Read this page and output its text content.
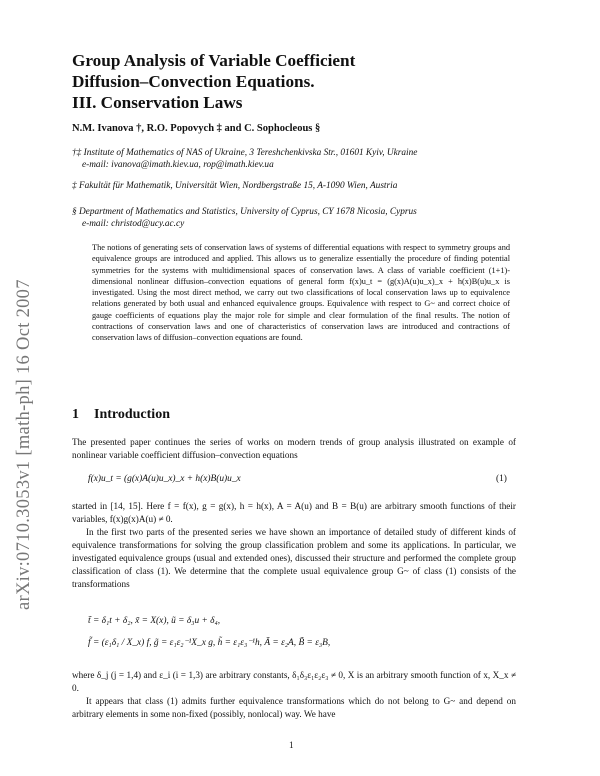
arXiv:0710.3053v1 [math-ph] 16 Oct 2007
Group Analysis of Variable Coefficient
Diffusion–Convection Equations.
III. Conservation Laws
N.M. Ivanova †, R.O. Popovych ‡ and C. Sophocleous §
†‡ Institute of Mathematics of NAS of Ukraine, 3 Tereshchenkivska Str., 01601 Kyiv, Ukraine
e-mail: ivanova@imath.kiev.ua, rop@imath.kiev.ua
‡ Fakultät für Mathematik, Universität Wien, Nordbergstraße 15, A-1090 Wien, Austria
§ Department of Mathematics and Statistics, University of Cyprus, CY 1678 Nicosia, Cyprus
e-mail: christod@ucy.ac.cy
The notions of generating sets of conservation laws of systems of differential equations with respect to symmetry groups and equivalence groups are introduced and applied. This allows us to generalize essentially the procedure of finding potential symmetries for the systems with multidimensional spaces of conservation laws. A class of variable coefficient (1+1)-dimensional nonlinear diffusion–convection equations of general form f(x)u_t = (g(x)A(u)u_x)_x + h(x)B(u)u_x is investigated. Using the most direct method, we carry out two classifications of local conservation laws up to equivalence relations generated by both usual and enhanced equivalence groups. Equivalence with respect to G~ and correct choice of gauge coefficients of equations play the major role for simple and clear formulation of the final results. The notion of contractions of conservation laws and one of characteristics of conservation laws are introduced and contractions of conservation laws of diffusion–convection equations are found.
1 Introduction
The presented paper continues the series of works on modern trends of group analysis illustrated on example of nonlinear variable coefficient diffusion–convection equations
f(x)u_t = (g(x)A(u)u_x)_x + h(x)B(u)u_x	(1)
started in [14, 15]. Here f = f(x), g = g(x), h = h(x), A = A(u) and B = B(u) are arbitrary smooth functions of their variables, f(x)g(x)A(u) ≠ 0.
In the first two parts of the presented series we have shown an importance of detailed study of different kinds of equivalence transformations for solving the group classification problem and some its applications. In particular, we investigated equivalence groups (usual and extended ones), discussed their structure and performed the complete group classification of class (1). We determine that the complete usual equivalence group G~ of class (1) consists of the transformations
t̃ = δ₁t + δ₂, x̃ = X(x), ũ = δ₃u + δ₄,
f̃ = (ε₁δ₁ / X_x) f, g̃ = ε₁ε₂⁻¹X_x g, h̃ = ε₁ε₃⁻¹h, Ã = ε₂A, B̃ = ε₃B,
where δ_j (j = 1,4) and ε_i (i = 1,3) are arbitrary constants, δ₁δ₃ε₁ε₂ε₃ ≠ 0, X is an arbitrary smooth function of x, X_x ≠ 0.
It appears that class (1) admits further equivalence transformations which do not belong to G~ and depend on arbitrary elements in some non-fixed (possibly, nonlocal) way. We have
1
